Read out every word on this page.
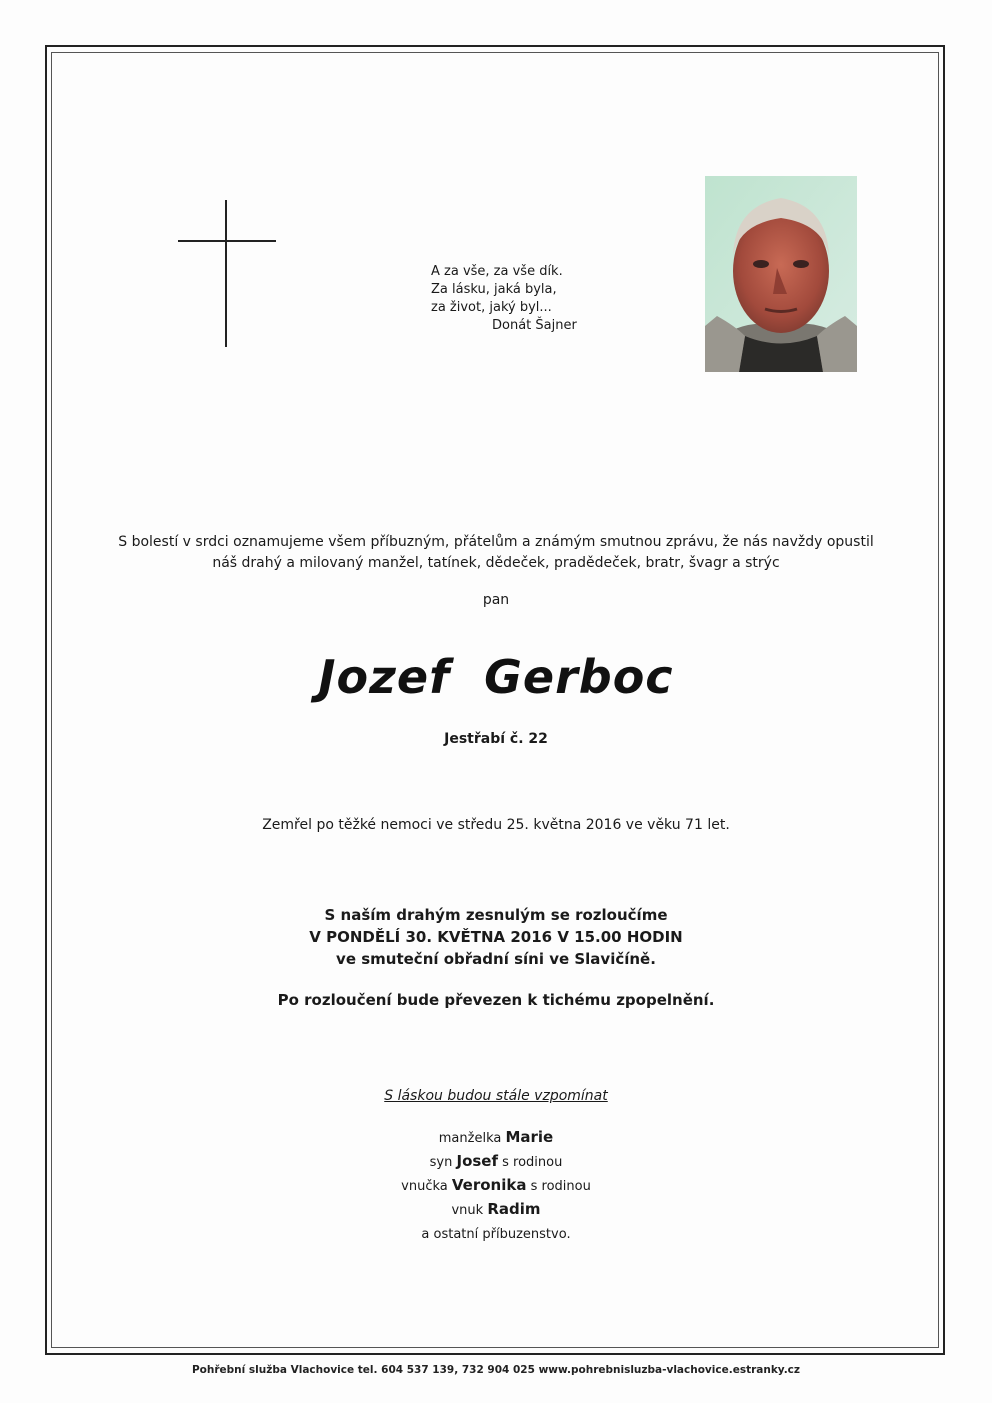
A za vše, za vše dík.
Za lásku, jaká byla,
za život, jaký byl...
Donát Šajner
S bolestí v srdci oznamujeme všem příbuzným, přátelům a známým smutnou zprávu, že nás navždy opustil
náš drahý a milovaný manžel, tatínek, dědeček, pradědeček, bratr, švagr a strýc
pan
Jozef  Gerboc
Jestřabí č. 22
Zemřel po těžké nemoci ve středu 25. května 2016 ve věku 71 let.
S naším drahým zesnulým se rozloučíme
V PONDĚLÍ 30. KVĚTNA 2016 V 15.00 HODIN
ve smuteční obřadní síni ve Slavičíně.
Po rozloučení bude převezen k tichému zpopelnění.
S láskou budou stále vzpomínat
manželka Marie
syn Josef s rodinou
vnučka Veronika s rodinou
vnuk Radim
a ostatní příbuzenstvo.
Pohřební služba Vlachovice tel. 604 537 139, 732 904 025 www.pohrebnisluzba-vlachovice.estranky.cz
